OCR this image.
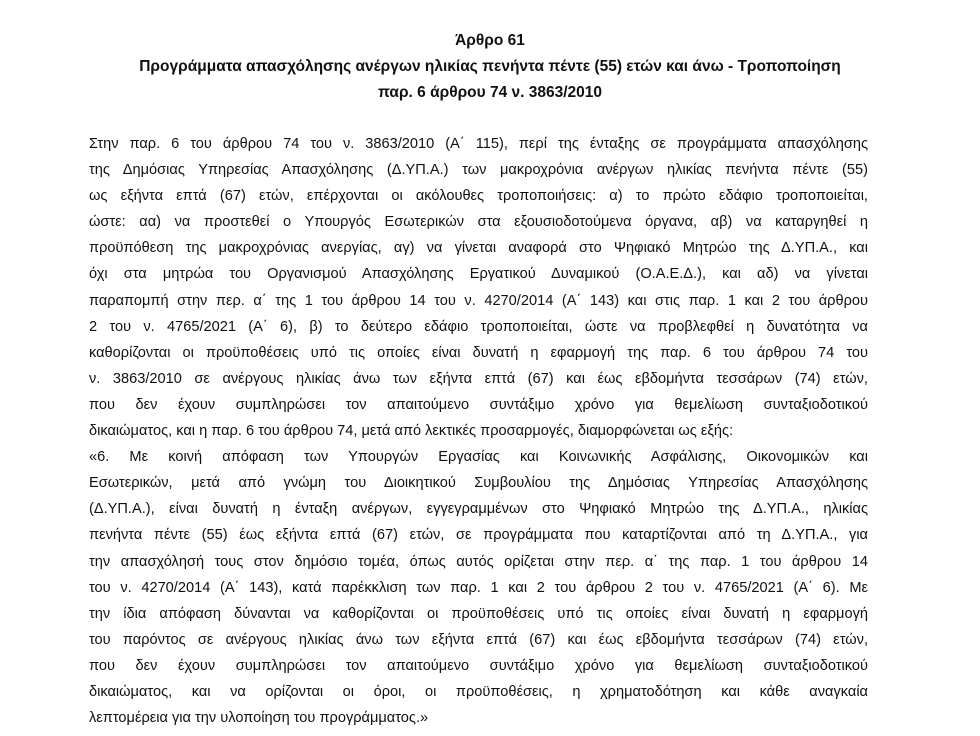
Άρθρο 61
Προγράμματα απασχόλησης ανέργων ηλικίας πενήντα πέντε (55) ετών και άνω - Τροποποίηση
παρ. 6 άρθρου 74 ν. 3863/2010
Στην παρ. 6 του άρθρου 74 του ν. 3863/2010 (Α΄ 115), περί της ένταξης σε προγράμματα απασχόλησης
της Δημόσιας Υπηρεσίας Απασχόλησης (Δ.ΥΠ.Α.) των μακροχρόνια ανέργων ηλικίας πενήντα πέντε (55)
ως εξήντα επτά (67) ετών, επέρχονται οι ακόλουθες τροποποιήσεις: α) το πρώτο εδάφιο τροποποιείται,
ώστε: αα) να προστεθεί ο Υπουργός Εσωτερικών στα εξουσιοδοτούμενα όργανα, αβ) να καταργηθεί η
προϋπόθεση της μακροχρόνιας ανεργίας, αγ) να γίνεται αναφορά στο Ψηφιακό Μητρώο της Δ.ΥΠ.Α., και
όχι στα μητρώα του Οργανισμού Απασχόλησης Εργατικού Δυναμικού (Ο.Α.Ε.Δ.), και αδ) να γίνεται
παραπομπή στην περ. α΄ της 1 του άρθρου 14 του ν. 4270/2014 (Α΄ 143) και στις παρ. 1 και 2 του άρθρου
2 του ν. 4765/2021 (Α΄ 6), β) το δεύτερο εδάφιο τροποποιείται, ώστε να προβλεφθεί η δυνατότητα να
καθορίζονται οι προϋποθέσεις υπό τις οποίες είναι δυνατή η εφαρμογή της παρ. 6 του άρθρου 74 του
ν. 3863/2010 σε ανέργους ηλικίας άνω των εξήντα επτά (67) και έως εβδομήντα τεσσάρων (74) ετών,
που δεν έχουν συμπληρώσει τον απαιτούμενο συντάξιμο χρόνο για θεμελίωση συνταξιοδοτικού
δικαιώματος, και η παρ. 6 του άρθρου 74, μετά από λεκτικές προσαρμογές, διαμορφώνεται ως εξής:
«6. Με κοινή απόφαση των Υπουργών Εργασίας και Κοινωνικής Ασφάλισης, Οικονομικών και
Εσωτερικών, μετά από γνώμη του Διοικητικού Συμβουλίου της Δημόσιας Υπηρεσίας Απασχόλησης
(Δ.ΥΠ.Α.), είναι δυνατή η ένταξη ανέργων, εγγεγραμμένων στο Ψηφιακό Μητρώο της Δ.ΥΠ.Α., ηλικίας
πενήντα πέντε (55) έως εξήντα επτά (67) ετών, σε προγράμματα που καταρτίζονται από τη Δ.ΥΠ.Α., για
την απασχόλησή τους στον δημόσιο τομέα, όπως αυτός ορίζεται στην περ. α΄ της παρ. 1 του άρθρου 14
του ν. 4270/2014 (Α΄ 143), κατά παρέκκλιση των παρ. 1 και 2 του άρθρου 2 του ν. 4765/2021 (Α΄ 6). Με
την ίδια απόφαση δύνανται να καθορίζονται οι προϋποθέσεις υπό τις οποίες είναι δυνατή η εφαρμογή
του παρόντος σε ανέργους ηλικίας άνω των εξήντα επτά (67) και έως εβδομήντα τεσσάρων (74) ετών,
που δεν έχουν συμπληρώσει τον απαιτούμενο συντάξιμο χρόνο για θεμελίωση συνταξιοδοτικού
δικαιώματος, και να ορίζονται οι όροι, οι προϋποθέσεις, η χρηματοδότηση και κάθε αναγκαία
λεπτομέρεια για την υλοποίηση του προγράμματος.»
